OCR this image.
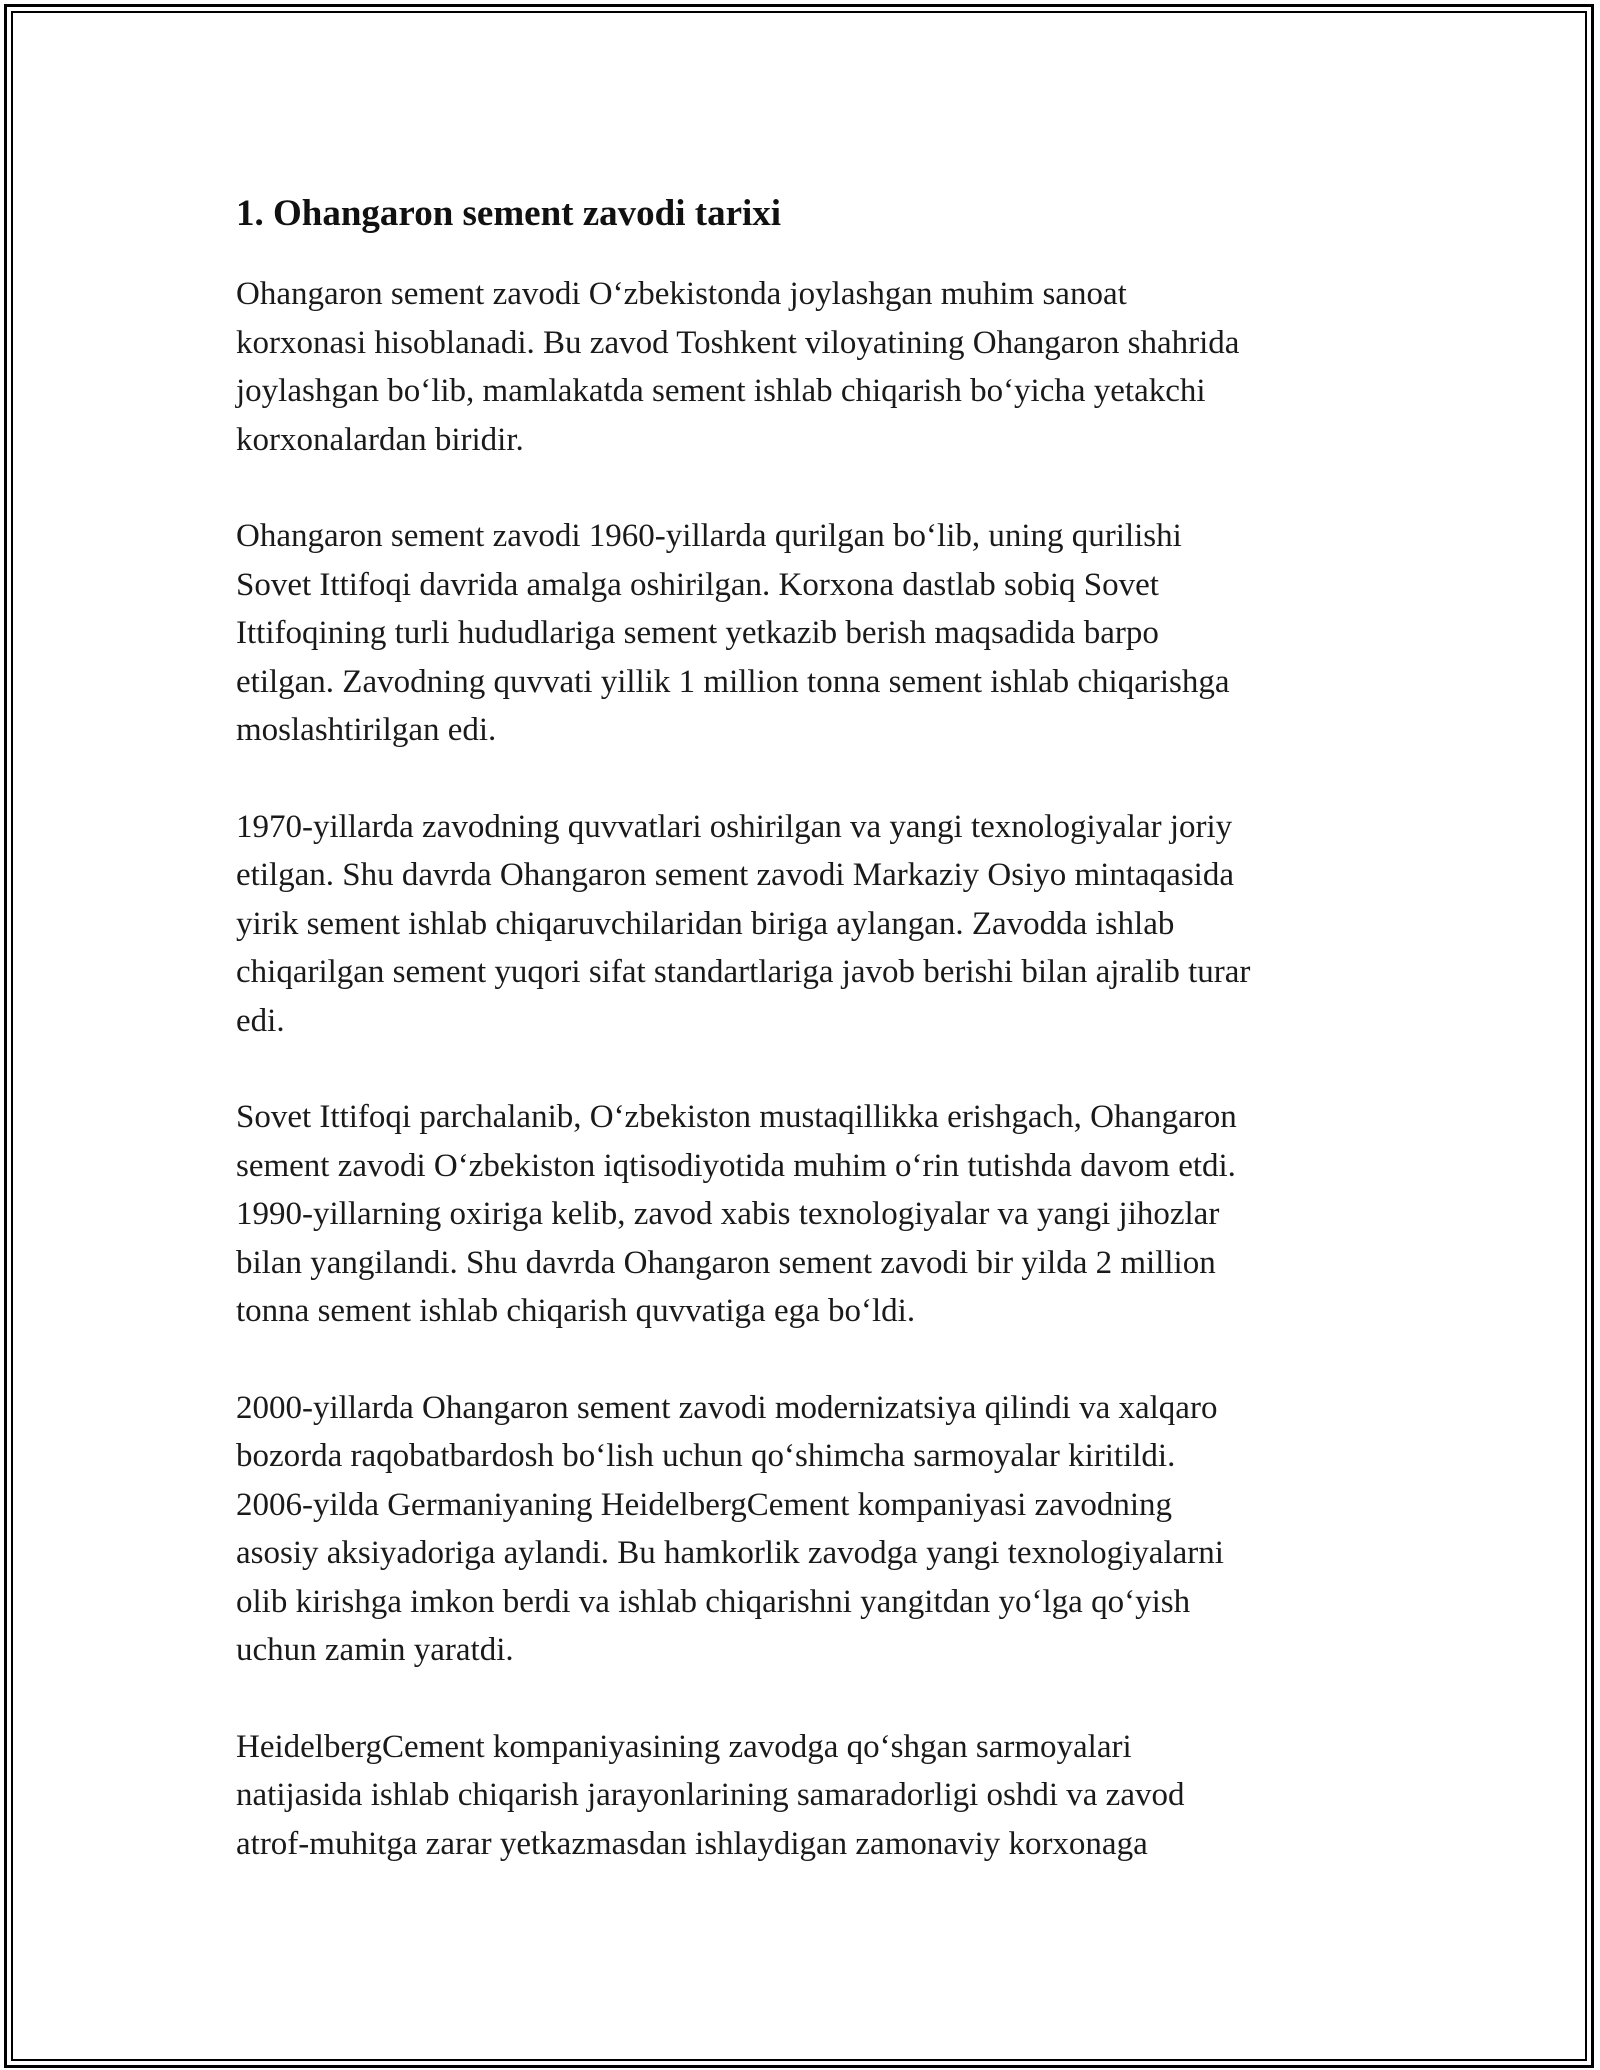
1. Ohangaron sement zavodi tarixi

Ohangaron sement zavodi O‘zbekistonda joylashgan muhim sanoat
korxonasi hisoblanadi. Bu zavod Toshkent viloyatining Ohangaron shahrida
joylashgan bo‘lib, mamlakatda sement ishlab chiqarish bo‘yicha yetakchi
korxonalardan biridir.

Ohangaron sement zavodi 1960-yillarda qurilgan bo‘lib, uning qurilishi
Sovet Ittifoqi davrida amalga oshirilgan. Korxona dastlab sobiq Sovet
Ittifoqining turli hududlariga sement yetkazib berish maqsadida barpo
etilgan. Zavodning quvvati yillik 1 million tonna sement ishlab chiqarishga
moslashtirilgan edi.

1970-yillarda zavodning quvvatlari oshirilgan va yangi texnologiyalar joriy
etilgan. Shu davrda Ohangaron sement zavodi Markaziy Osiyo mintaqasida
yirik sement ishlab chiqaruvchilaridan biriga aylangan. Zavodda ishlab
chiqarilgan sement yuqori sifat standartlariga javob berishi bilan ajralib turar
edi.

Sovet Ittifoqi parchalanib, O‘zbekiston mustaqillikka erishgach, Ohangaron
sement zavodi O‘zbekiston iqtisodiyotida muhim o‘rin tutishda davom etdi.
1990-yillarning oxiriga kelib, zavod xabis texnologiyalar va yangi jihozlar
bilan yangilandi. Shu davrda Ohangaron sement zavodi bir yilda 2 million
tonna sement ishlab chiqarish quvvatiga ega bo‘ldi.

2000-yillarda Ohangaron sement zavodi modernizatsiya qilindi va xalqaro
bozorda raqobatbardosh bo‘lish uchun qo‘shimcha sarmoyalar kiritildi.
2006-yilda Germaniyaning HeidelbergCement kompaniyasi zavodning
asosiy aksiyadoriga aylandi. Bu hamkorlik zavodga yangi texnologiyalarni
olib kirishga imkon berdi va ishlab chiqarishni yangitdan yo‘lga qo‘yish
uchun zamin yaratdi.

HeidelbergCement kompaniyasining zavodga qo‘shgan sarmoyalari
natijasida ishlab chiqarish jarayonlarining samaradorligi oshdi va zavod
atrof-muhitga zarar yetkazmasdan ishlaydigan zamonaviy korxonaga
